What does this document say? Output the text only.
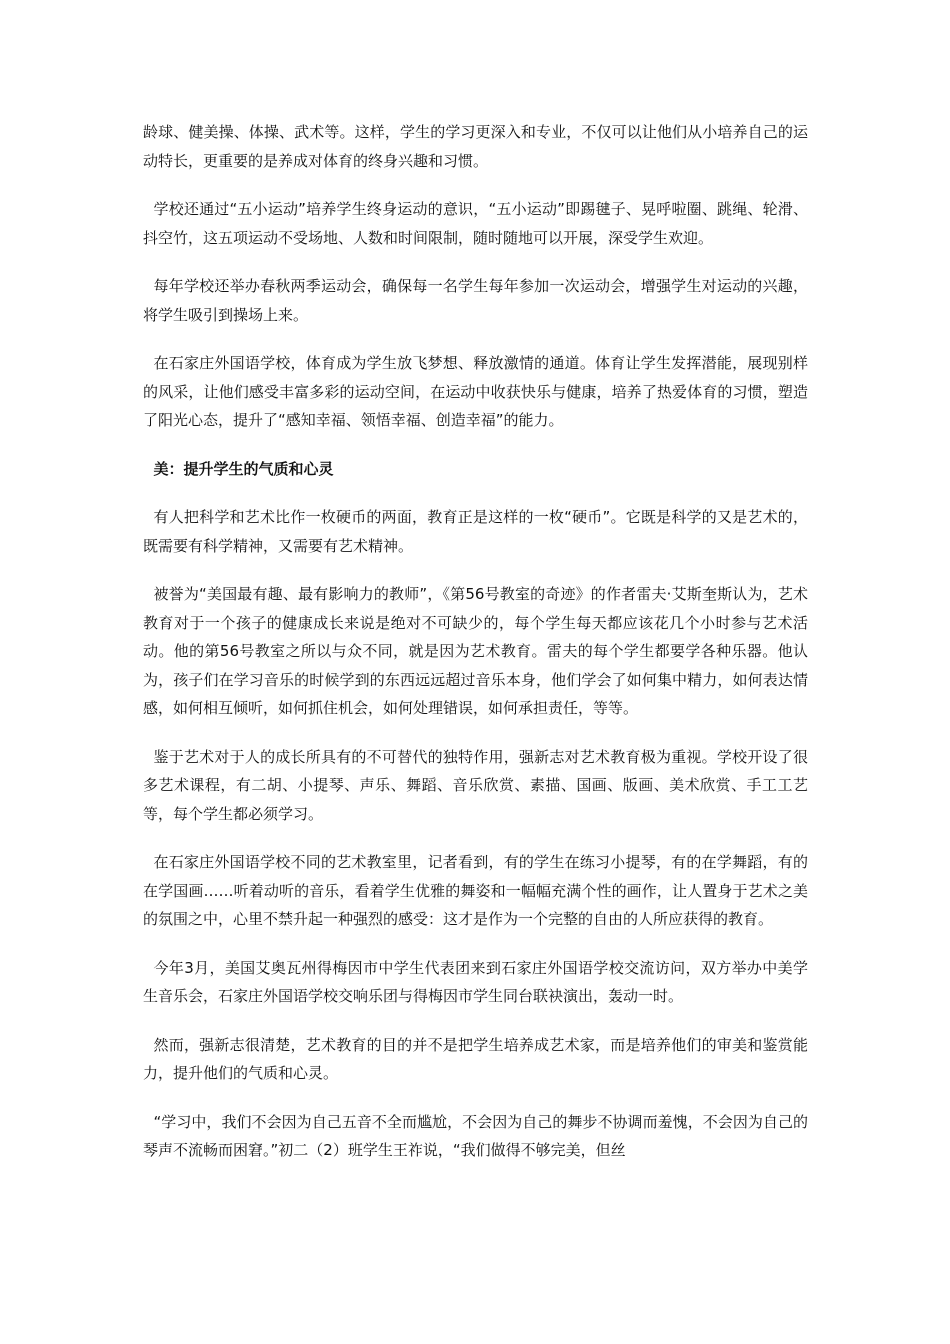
龄球、健美操、体操、武术等。这样，学生的学习更深入和专业，不仅可以让他们从小培养自己的运动特长，更重要的是养成对体育的终身兴趣和习惯。

学校还通过“五小运动”培养学生终身运动的意识，“五小运动”即踢毽子、晃呼啦圈、跳绳、轮滑、抖空竹，这五项运动不受场地、人数和时间限制，随时随地可以开展，深受学生欢迎。

每年学校还举办春秋两季运动会，确保每一名学生每年参加一次运动会，增强学生对运动的兴趣，将学生吸引到操场上来。

在石家庄外国语学校，体育成为学生放飞梦想、释放激情的通道。体育让学生发挥潜能，展现别样的风采，让他们感受丰富多彩的运动空间，在运动中收获快乐与健康，培养了热爱体育的习惯，塑造了阳光心态，提升了“感知幸福、领悟幸福、创造幸福”的能力。

美：提升学生的气质和心灵

有人把科学和艺术比作一枚硬币的两面，教育正是这样的一枚“硬币”。它既是科学的又是艺术的，既需要有科学精神，又需要有艺术精神。

被誉为“美国最有趣、最有影响力的教师”，《第56号教室的奇迹》的作者雷夫·艾斯奎斯认为，艺术教育对于一个孩子的健康成长来说是绝对不可缺少的，每个学生每天都应该花几个小时参与艺术活动。他的第56号教室之所以与众不同，就是因为艺术教育。雷夫的每个学生都要学各种乐器。他认为，孩子们在学习音乐的时候学到的东西远远超过音乐本身，他们学会了如何集中精力，如何表达情感，如何相互倾听，如何抓住机会，如何处理错误，如何承担责任，等等。

鉴于艺术对于人的成长所具有的不可替代的独特作用，强新志对艺术教育极为重视。学校开设了很多艺术课程，有二胡、小提琴、声乐、舞蹈、音乐欣赏、素描、国画、版画、美术欣赏、手工工艺等，每个学生都必须学习。

在石家庄外国语学校不同的艺术教室里，记者看到，有的学生在练习小提琴，有的在学舞蹈，有的在学国画……听着动听的音乐，看着学生优雅的舞姿和一幅幅充满个性的画作，让人置身于艺术之美的氛围之中，心里不禁升起一种强烈的感受：这才是作为一个完整的自由的人所应获得的教育。

今年3月，美国艾奥瓦州得梅因市中学生代表团来到石家庄外国语学校交流访问，双方举办中美学生音乐会，石家庄外国语学校交响乐团与得梅因市学生同台联袂演出，轰动一时。

然而，强新志很清楚，艺术教育的目的并不是把学生培养成艺术家，而是培养他们的审美和鉴赏能力，提升他们的气质和心灵。

“学习中，我们不会因为自己五音不全而尴尬，不会因为自己的舞步不协调而羞愧，不会因为自己的琴声不流畅而困窘。”初二（2）班学生王祚说，“我们做得不够完美，但丝
